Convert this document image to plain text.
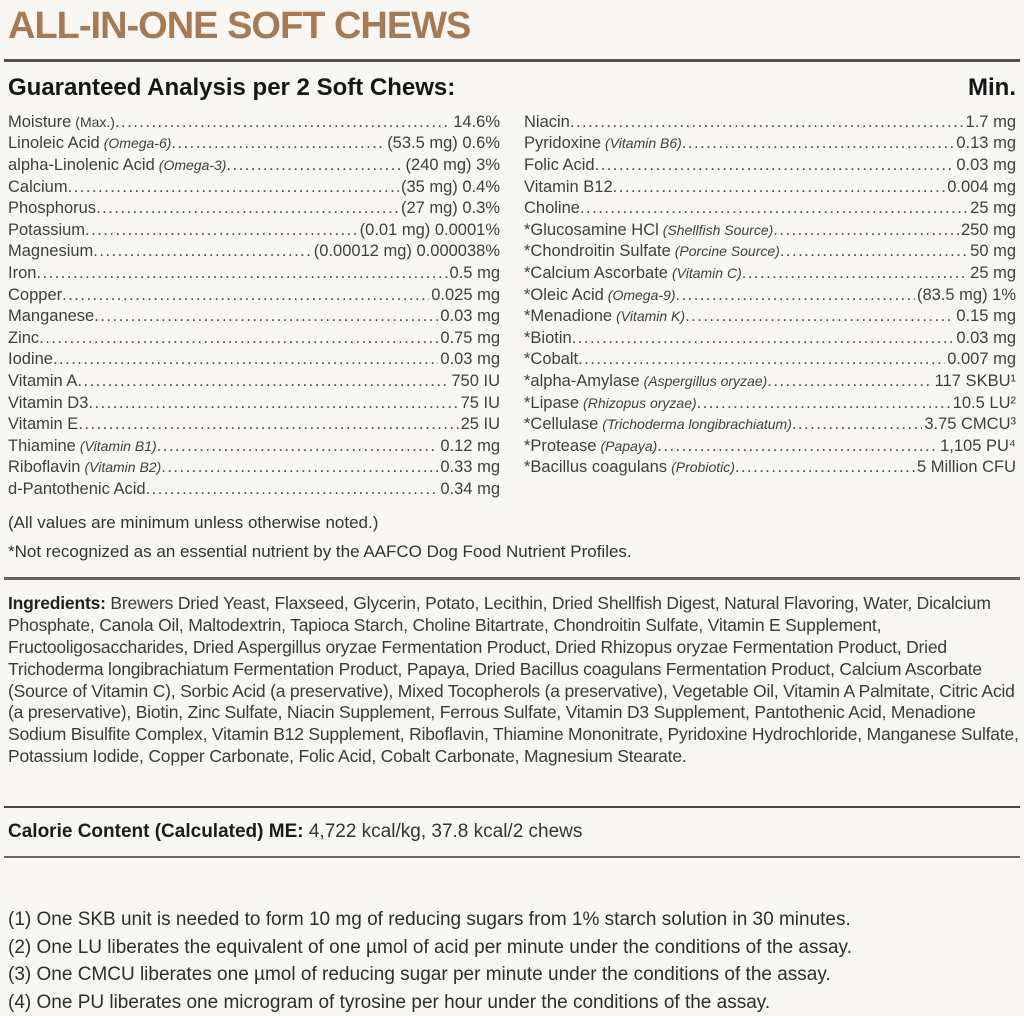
ALL-IN-ONE SOFT CHEWS
Guaranteed Analysis per 2 Soft Chews:	Min.
Moisture (Max.) .....	14.6%
Linoleic Acid (Omega-6) .....	(53.5 mg) 0.6%
alpha-Linolenic Acid (Omega-3) .....	(240 mg) 3%
Calcium .....	(35 mg) 0.4%
Phosphorus .....	(27 mg) 0.3%
Potassium .....	(0.01 mg) 0.0001%
Magnesium .....	(0.00012 mg) 0.000038%
Iron .....	0.5 mg
Copper .....	0.025 mg
Manganese .....	0.03 mg
Zinc .....	0.75 mg
Iodine .....	0.03 mg
Vitamin A .....	750 IU
Vitamin D3 .....	75 IU
Vitamin E .....	25 IU
Thiamine (Vitamin B1) .....	0.12 mg
Riboflavin (Vitamin B2) .....	0.33 mg
d-Pantothenic Acid .....	0.34 mg
Niacin .....	1.7 mg
Pyridoxine (Vitamin B6) .....	0.13 mg
Folic Acid .....	0.03 mg
Vitamin B12 .....	0.004 mg
Choline .....	25 mg
*Glucosamine HCl (Shellfish Source) .....	250 mg
*Chondroitin Sulfate (Porcine Source) .....	50 mg
*Calcium Ascorbate (Vitamin C) .....	25 mg
*Oleic Acid (Omega-9) .....	(83.5 mg) 1%
*Menadione (Vitamin K) .....	0.15 mg
*Biotin .....	0.03 mg
*Cobalt .....	0.007 mg
*alpha-Amylase (Aspergillus oryzae) .....	117 SKBU¹
*Lipase (Rhizopus oryzae) .....	10.5 LU²
*Cellulase (Trichoderma longibrachiatum) .....	3.75 CMCU³
*Protease (Papaya) .....	1,105 PU⁴
*Bacillus coagulans (Probiotic) .....	5 Million CFU
(All values are minimum unless otherwise noted.)
*Not recognized as an essential nutrient by the AAFCO Dog Food Nutrient Profiles.
Ingredients: Brewers Dried Yeast, Flaxseed, Glycerin, Potato, Lecithin, Dried Shellfish Digest, Natural Flavoring, Water, Dicalcium Phosphate, Canola Oil, Maltodextrin, Tapioca Starch, Choline Bitartrate, Chondroitin Sulfate, Vitamin E Supplement, Fructooligosaccharides, Dried Aspergillus oryzae Fermentation Product, Dried Rhizopus oryzae Fermentation Product, Dried Trichoderma longibrachiatum Fermentation Product, Papaya, Dried Bacillus coagulans Fermentation Product, Calcium Ascorbate (Source of Vitamin C), Sorbic Acid (a preservative), Mixed Tocopherols (a preservative), Vegetable Oil, Vitamin A Palmitate, Citric Acid (a preservative), Biotin, Zinc Sulfate, Niacin Supplement, Ferrous Sulfate, Vitamin D3 Supplement, Pantothenic Acid, Menadione Sodium Bisulfite Complex, Vitamin B12 Supplement, Riboflavin, Thiamine Mononitrate, Pyridoxine Hydrochloride, Manganese Sulfate, Potassium Iodide, Copper Carbonate, Folic Acid, Cobalt Carbonate, Magnesium Stearate.
Calorie Content (Calculated) ME: 4,722 kcal/kg, 37.8 kcal/2 chews
(1) One SKB unit is needed to form 10 mg of reducing sugars from 1% starch solution in 30 minutes.
(2) One LU liberates the equivalent of one µmol of acid per minute under the conditions of the assay.
(3) One CMCU liberates one µmol of reducing sugar per minute under the conditions of the assay.
(4) One PU liberates one microgram of tyrosine per hour under the conditions of the assay.
